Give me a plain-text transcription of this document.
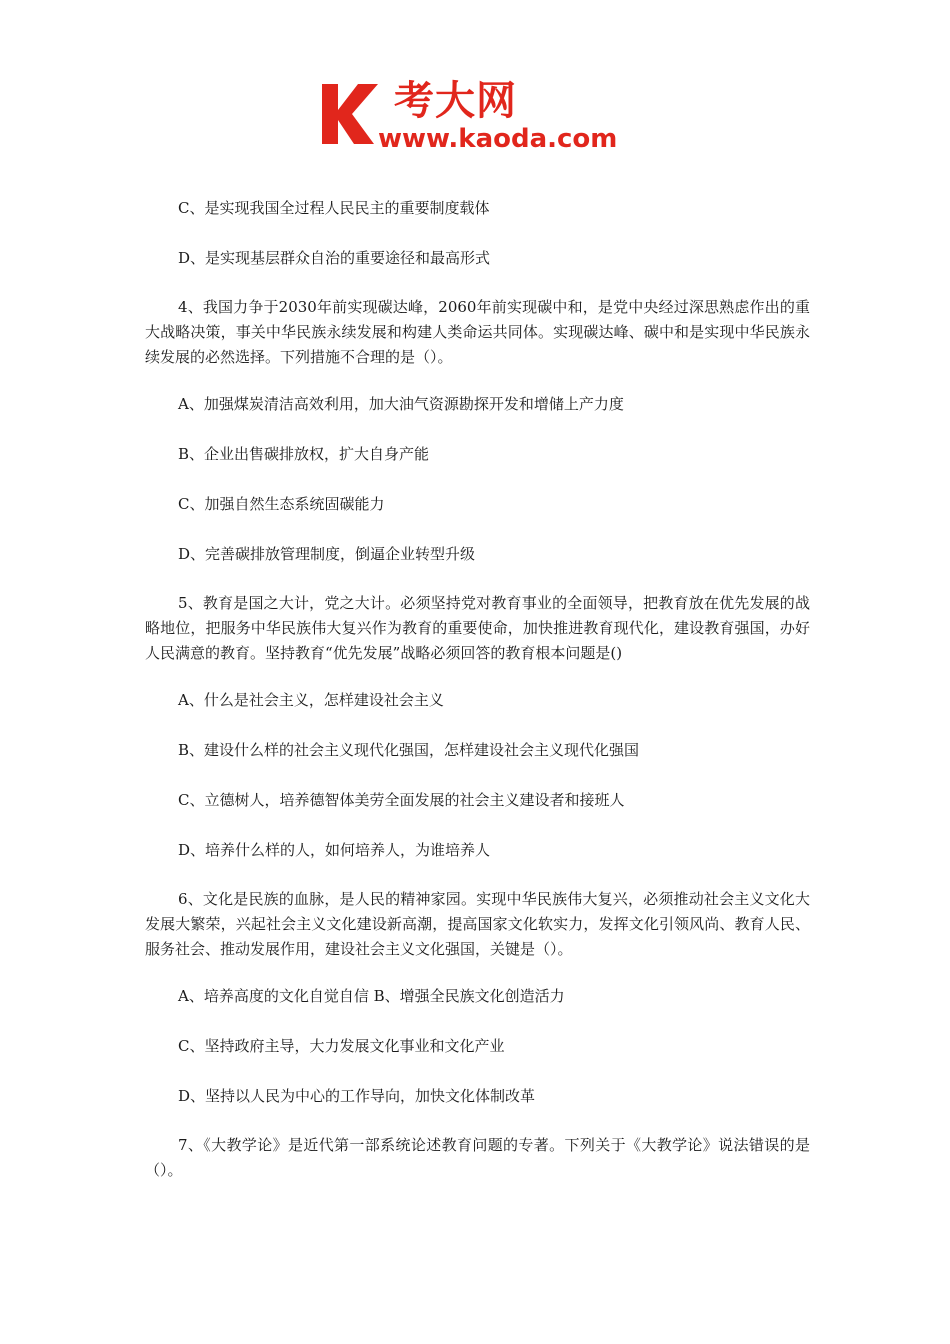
考大网
www.kaoda.com

C、是实现我国全过程人民民主的重要制度载体

D、是实现基层群众自治的重要途径和最高形式

4、我国力争于2030年前实现碳达峰，2060年前实现碳中和，是党中央经过深思熟虑作出的重大战略决策，事关中华民族永续发展和构建人类命运共同体。实现碳达峰、碳中和是实现中华民族永续发展的必然选择。下列措施不合理的是（）。

A、加强煤炭清洁高效利用，加大油气资源勘探开发和增储上产力度

B、企业出售碳排放权，扩大自身产能

C、加强自然生态系统固碳能力

D、完善碳排放管理制度，倒逼企业转型升级

5、教育是国之大计，党之大计。必须坚持党对教育事业的全面领导，把教育放在优先发展的战略地位，把服务中华民族伟大复兴作为教育的重要使命，加快推进教育现代化，建设教育强国，办好人民满意的教育。坚持教育“优先发展”战略必须回答的教育根本问题是()

A、什么是社会主义，怎样建设社会主义

B、建设什么样的社会主义现代化强国，怎样建设社会主义现代化强国

C、立德树人，培养德智体美劳全面发展的社会主义建设者和接班人

D、培养什么样的人，如何培养人，为谁培养人

6、文化是民族的血脉，是人民的精神家园。实现中华民族伟大复兴，必须推动社会主义文化大发展大繁荣，兴起社会主义文化建设新高潮，提高国家文化软实力，发挥文化引领风尚、教育人民、服务社会、推动发展作用，建设社会主义文化强国，关键是（）。

A、培养高度的文化自觉自信 B、增强全民族文化创造活力

C、坚持政府主导，大力发展文化事业和文化产业

D、坚持以人民为中心的工作导向，加快文化体制改革

7、《大教学论》是近代第一部系统论述教育问题的专著。下列关于《大教学论》说法错误的是（）。
